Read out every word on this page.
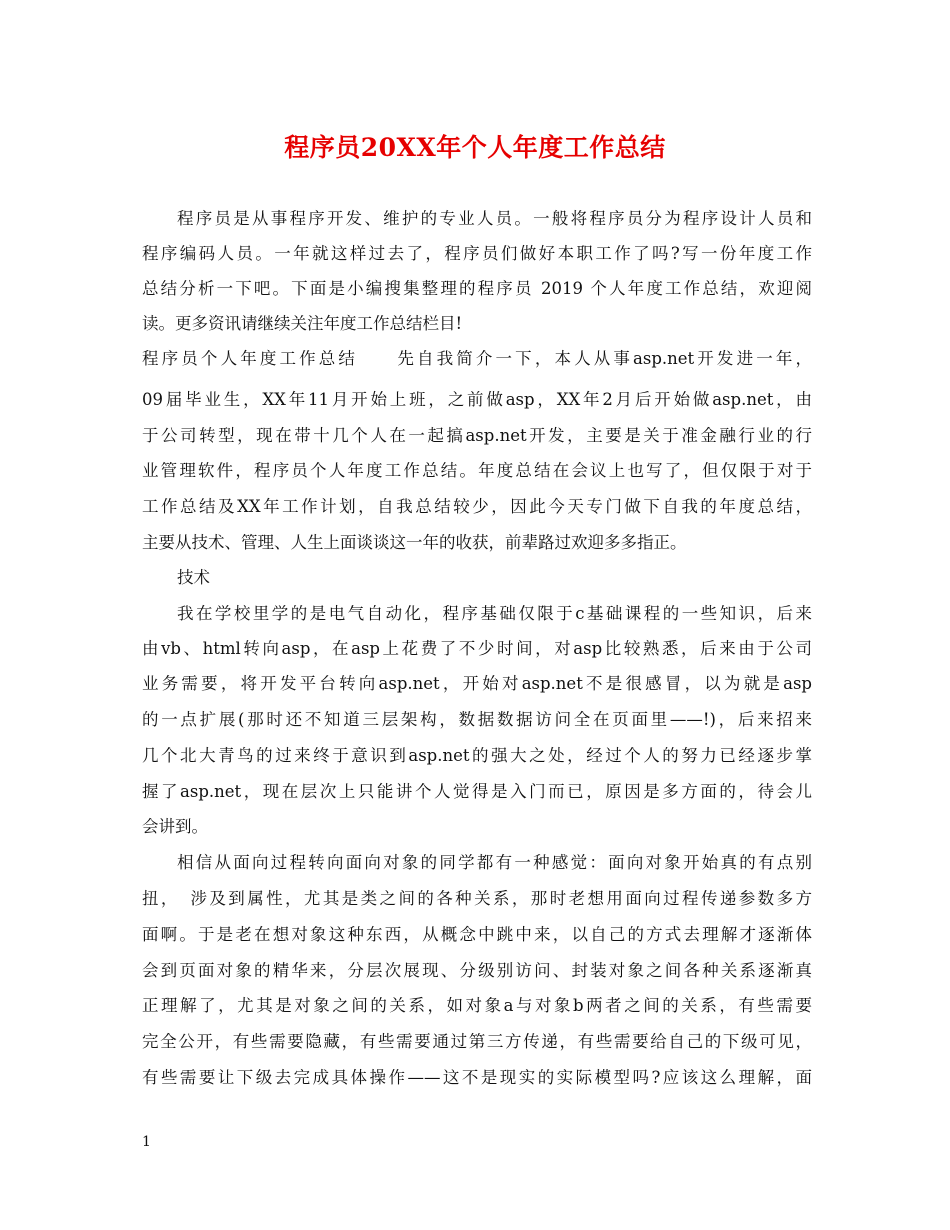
程序员20XX年个人年度工作总结
程序员是从事程序开发、维护的专业人员。一般将程序员分为程序设计人员和
程序编码人员。一年就这样过去了，程序员们做好本职工作了吗?写一份年度工作
总结分析一下吧。下面是小编搜集整理的程序员 2019 个人年度工作总结，欢迎阅
读。更多资讯请继续关注年度工作总结栏目!
程序员个人年度工作总结　　先自我简介一下，本人从事asp.net开发进一年，
09届毕业生，XX年11月开始上班，之前做asp，XX年2月后开始做asp.net，由
于公司转型，现在带十几个人在一起搞asp.net开发，主要是关于准金融行业的行
业管理软件，程序员个人年度工作总结。年度总结在会议上也写了，但仅限于对于
工作总结及XX年工作计划，自我总结较少，因此今天专门做下自我的年度总结，
主要从技术、管理、人生上面谈谈这一年的收获，前辈路过欢迎多多指正。
技术
我在学校里学的是电气自动化，程序基础仅限于c基础课程的一些知识，后来
由vb、html转向asp，在asp上花费了不少时间，对asp比较熟悉，后来由于公司
业务需要，将开发平台转向asp.net，开始对asp.net不是很感冒，以为就是asp
的一点扩展(那时还不知道三层架构，数据数据访问全在页面里——!)，后来招来
几个北大青鸟的过来终于意识到asp.net的强大之处，经过个人的努力已经逐步掌
握了asp.net，现在层次上只能讲个人觉得是入门而已，原因是多方面的，待会儿
会讲到。
相信从面向过程转向面向对象的同学都有一种感觉：面向对象开始真的有点别
扭，　涉及到属性，尤其是类之间的各种关系，那时老想用面向过程传递参数多方
面啊。于是老在想对象这种东西，从概念中跳中来，以自己的方式去理解才逐渐体
会到页面对象的精华来，分层次展现、分级别访问、封装对象之间各种关系逐渐真
正理解了，尤其是对象之间的关系，如对象a与对象b两者之间的关系，有些需要
完全公开，有些需要隐藏，有些需要通过第三方传递，有些需要给自己的下级可见，
有些需要让下级去完成具体操作——这不是现实的实际模型吗?应该这么理解，面
1
